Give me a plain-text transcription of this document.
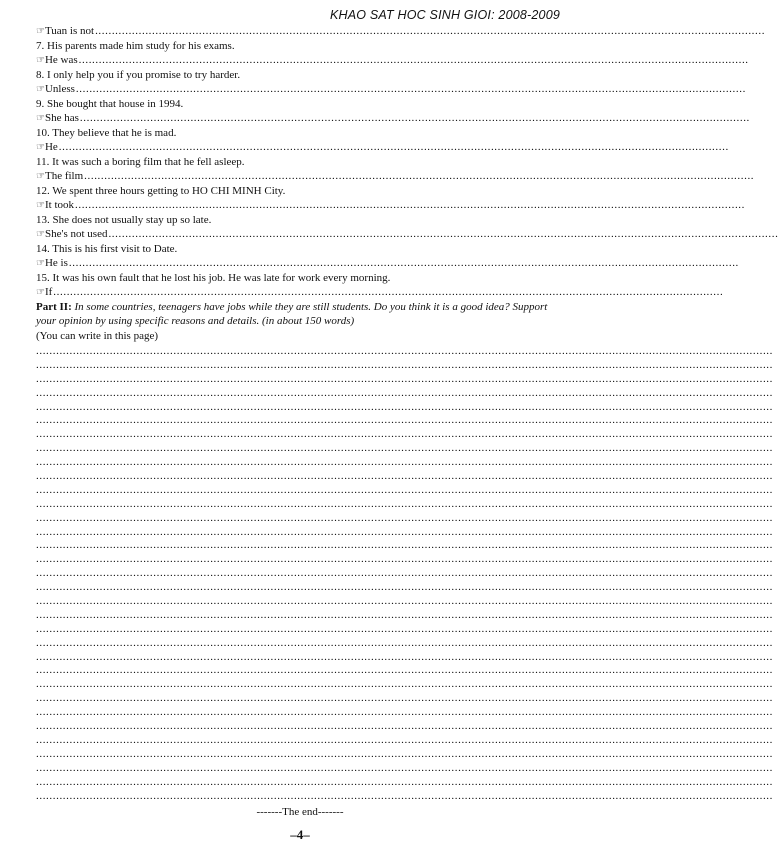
KHAO SAT HOC SINH GIOI: 2008-2009
☞ Tuan is not ........................................................................................................................................................................................................
7. His parents made him study for his exams.
☞ He was ........................................................................................................................................................................................................
8. I only help you if you promise to try harder.
☞ Unless ........................................................................................................................................................................................................
9. She bought that house in 1994.
☞ She has ........................................................................................................................................................................................................
10. They believe that he is mad.
☞ He ........................................................................................................................................................................................................
11. It was such a boring film that he fell asleep.
☞ The film ........................................................................................................................................................................................................
12. We spent three hours getting to HO CHI MINH City.
☞ It took ........................................................................................................................................................................................................
13. She does not usually stay up so late.
☞ She's not used ........................................................................................................................................................................................................
14. This is his first visit to Date.
☞ He is ........................................................................................................................................................................................................
15. It was his own fault that he lost his job. He was late for work every morning.
☞ If ........................................................................................................................................................................................................
Part II: In some countries, teenagers have jobs while they are still students. Do you think it is a good idea? Support your opinion by using specific reasons and details. (in about 150 words)
(You can write in this page)
............................................................................................................................................................................................................................
............................................................................................................................................................................................................................
............................................................................................................................................................................................................................
............................................................................................................................................................................................................................
............................................................................................................................................................................................................................
............................................................................................................................................................................................................................
............................................................................................................................................................................................................................
............................................................................................................................................................................................................................
............................................................................................................................................................................................................................
............................................................................................................................................................................................................................
............................................................................................................................................................................................................................
............................................................................................................................................................................................................................
............................................................................................................................................................................................................................
............................................................................................................................................................................................................................
............................................................................................................................................................................................................................
............................................................................................................................................................................................................................
............................................................................................................................................................................................................................
............................................................................................................................................................................................................................
............................................................................................................................................................................................................................
............................................................................................................................................................................................................................
............................................................................................................................................................................................................................
............................................................................................................................................................................................................................
............................................................................................................................................................................................................................
............................................................................................................................................................................................................................
............................................................................................................................................................................................................................
............................................................................................................................................................................................................................
............................................................................................................................................................................................................................
............................................................................................................................................................................................................................
............................................................................................................................................................................................................................
............................................................................................................................................................................................................................
............................................................................................................................................................................................................................
............................................................................................................................................................................................................................
............................................................................................................................................................................................................................
-------The end-------
–4–
